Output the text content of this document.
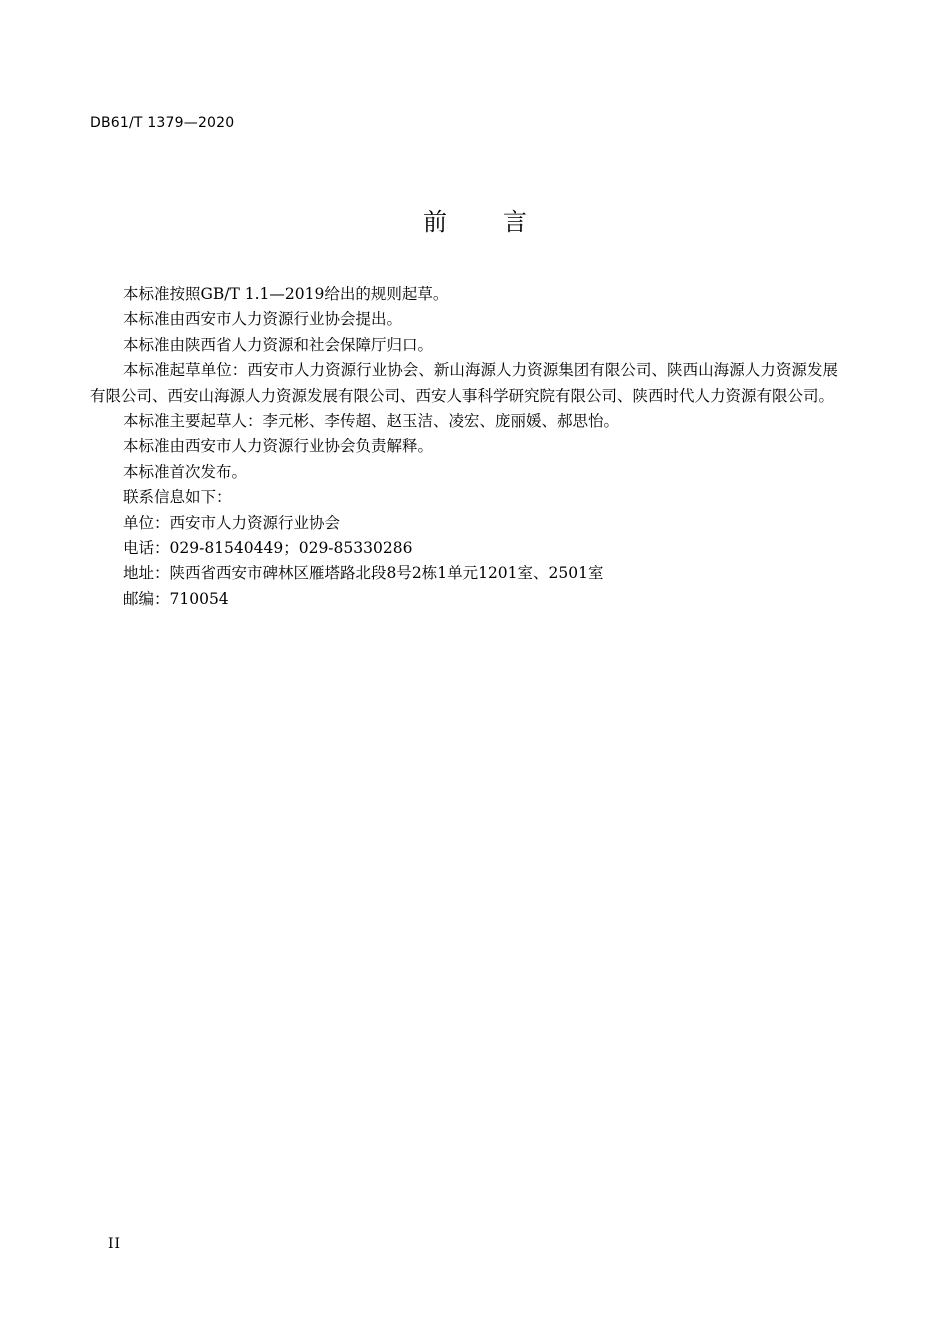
DB61/T 1379—2020
前 言

本标准按照GB/T 1.1—2019给出的规则起草。

本标准由西安市人力资源行业协会提出。

本标准由陕西省人力资源和社会保障厅归口。

本标准起草单位：西安市人力资源行业协会、新山海源人力资源集团有限公司、陕西山海源人力资源发展有限公司、西安山海源人力资源发展有限公司、西安人事科学研究院有限公司、陕西时代人力资源有限公司。

本标准主要起草人：李元彬、李传超、赵玉洁、凌宏、庞丽媛、郝思怡。

本标准由西安市人力资源行业协会负责解释。

本标准首次发布。

联系信息如下：

单位：西安市人力资源行业协会

电话：029-81540449；029-85330286

地址：陕西省西安市碑林区雁塔路北段8号2栋1单元1201室、2501室

邮编：710054

II
